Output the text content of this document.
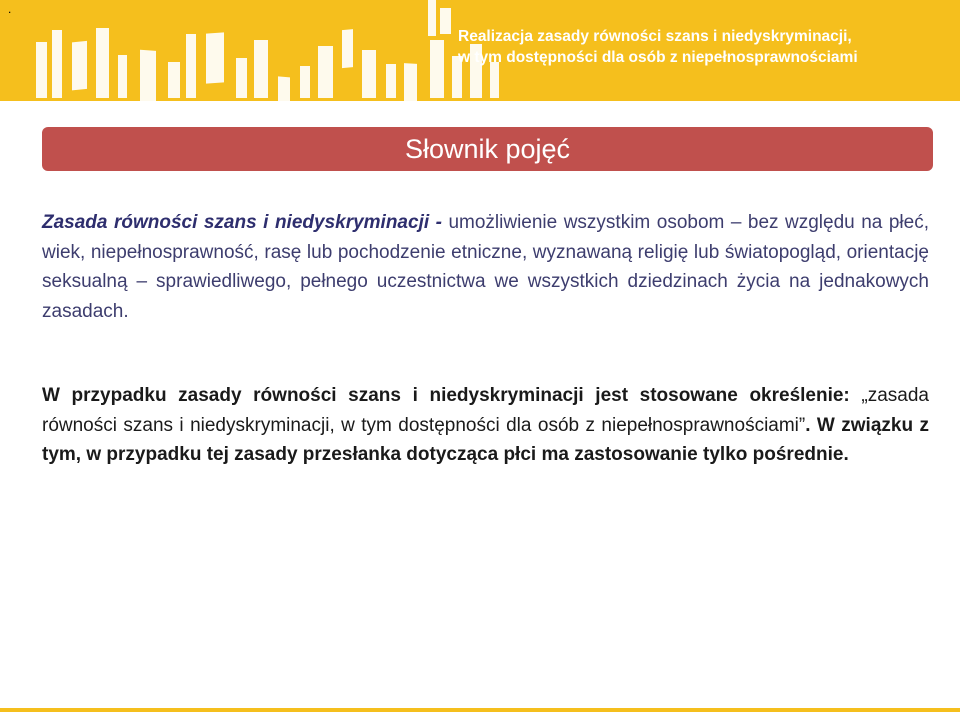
.
Realizacja zasady równości szans i niedyskryminacji,
w tym dostępności dla osób z niepełnosprawnościami
Słownik pojęć
Zasada równości szans i niedyskryminacji - umożliwienie wszystkim osobom – bez względu na płeć, wiek, niepełnosprawność, rasę lub pochodzenie etniczne, wyznawaną religię lub światopogląd, orientację seksualną – sprawiedliwego, pełnego uczestnictwa we wszystkich dziedzinach życia na jednakowych zasadach.
W przypadku zasady równości szans i niedyskryminacji jest stosowane określenie: „zasada równości szans i niedyskryminacji, w tym dostępności dla osób z niepełnosprawnościami”. W związku z tym, w przypadku tej zasady przesłanka dotycząca płci ma zastosowanie tylko pośrednie.
